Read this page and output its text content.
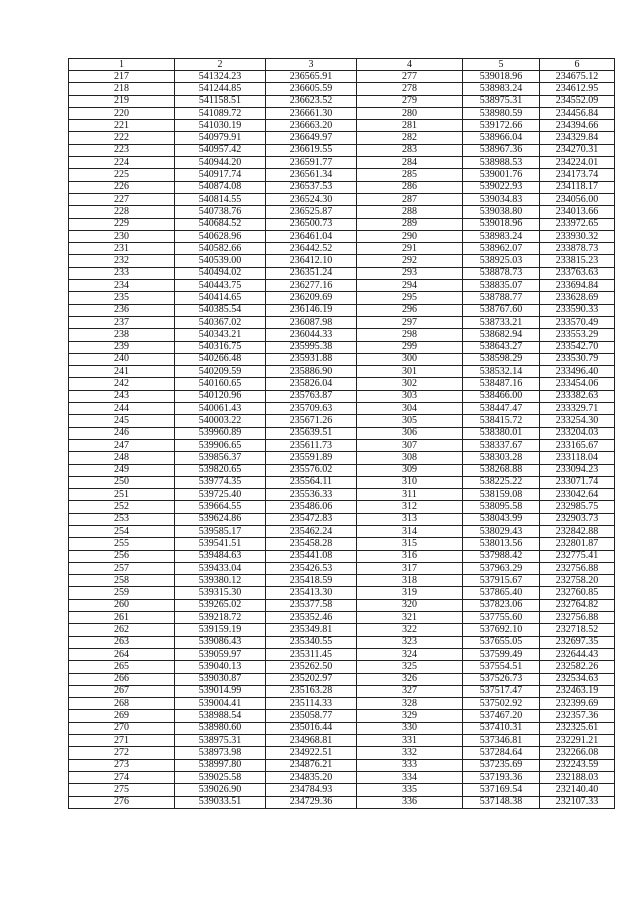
1	2	3	4	5	6
217	541324.23	236565.91	277	539018.96	234675.12
218	541244.85	236605.59	278	538983.24	234612.95
219	541158.51	236623.52	279	538975.31	234552.09
220	541089.72	236661.30	280	538980.59	234456.84
221	541030.19	236663.20	281	539172.66	234394.66
222	540979.91	236649.97	282	538966.04	234329.84
223	540957.42	236619.55	283	538967.36	234270.31
224	540944.20	236591.77	284	538988.53	234224.01
225	540917.74	236561.34	285	539001.76	234173.74
226	540874.08	236537.53	286	539022.93	234118.17
227	540814.55	236524.30	287	539034.83	234056.00
228	540738.76	236525.87	288	539038.80	234013.66
229	540684.52	236500.73	289	539018.96	233972.65
230	540628.96	236461.04	290	538983.24	233930.32
231	540582.66	236442.52	291	538962.07	233878.73
232	540539.00	236412.10	292	538925.03	233815.23
233	540494.02	236351.24	293	538878.73	233763.63
234	540443.75	236277.16	294	538835.07	233694.84
235	540414.65	236209.69	295	538788.77	233628.69
236	540385.54	236146.19	296	538767.60	233590.33
237	540367.02	236087.98	297	538733.21	233570.49
238	540343.21	236044.33	298	538682.94	233553.29
239	540316.75	235995.38	299	538643.27	233542.70
240	540266.48	235931.88	300	538598.29	233530.79
241	540209.59	235886.90	301	538532.14	233496.40
242	540160.65	235826.04	302	538487.16	233454.06
243	540120.96	235763.87	303	538466.00	233382.63
244	540061.43	235709.63	304	538447.47	233329.71
245	540003.22	235671.26	305	538415.72	233254.30
246	539960.89	235639.51	306	538380.01	233204.03
247	539906.65	235611.73	307	538337.67	233165.67
248	539856.37	235591.89	308	538303.28	233118.04
249	539820.65	235576.02	309	538268.88	233094.23
250	539774.35	235564.11	310	538225.22	233071.74
251	539725.40	235536.33	311	538159.08	233042.64
252	539664.55	235486.06	312	538095.58	232985.75
253	539624.86	235472.83	313	538043.99	232903.73
254	539585.17	235462.24	314	538029.43	232842.88
255	539541.51	235458.28	315	538013.56	232801.87
256	539484.63	235441.08	316	537988.42	232775.41
257	539433.04	235426.53	317	537963.29	232756.88
258	539380.12	235418.59	318	537915.67	232758.20
259	539315.30	235413.30	319	537865.40	232760.85
260	539265.02	235377.58	320	537823.06	232764.82
261	539218.72	235352.46	321	537755.60	232756.88
262	539159.19	235349.81	322	537692.10	232718.52
263	539086.43	235340.55	323	537655.05	232697.35
264	539059.97	235311.45	324	537599.49	232644.43
265	539040.13	235262.50	325	537554.51	232582.26
266	539030.87	235202.97	326	537526.73	232534.63
267	539014.99	235163.28	327	537517.47	232463.19
268	539004.41	235114.33	328	537502.92	232399.69
269	538988.54	235058.77	329	537467.20	232357.36
270	538980.60	235016.44	330	537410.31	232325.61
271	538975.31	234968.81	331	537346.81	232291.21
272	538973.98	234922.51	332	537284.64	232266.08
273	538997.80	234876.21	333	537235.69	232243.59
274	539025.58	234835.20	334	537193.36	232188.03
275	539026.90	234784.93	335	537169.54	232140.40
276	539033.51	234729.36	336	537148.38	232107.33
